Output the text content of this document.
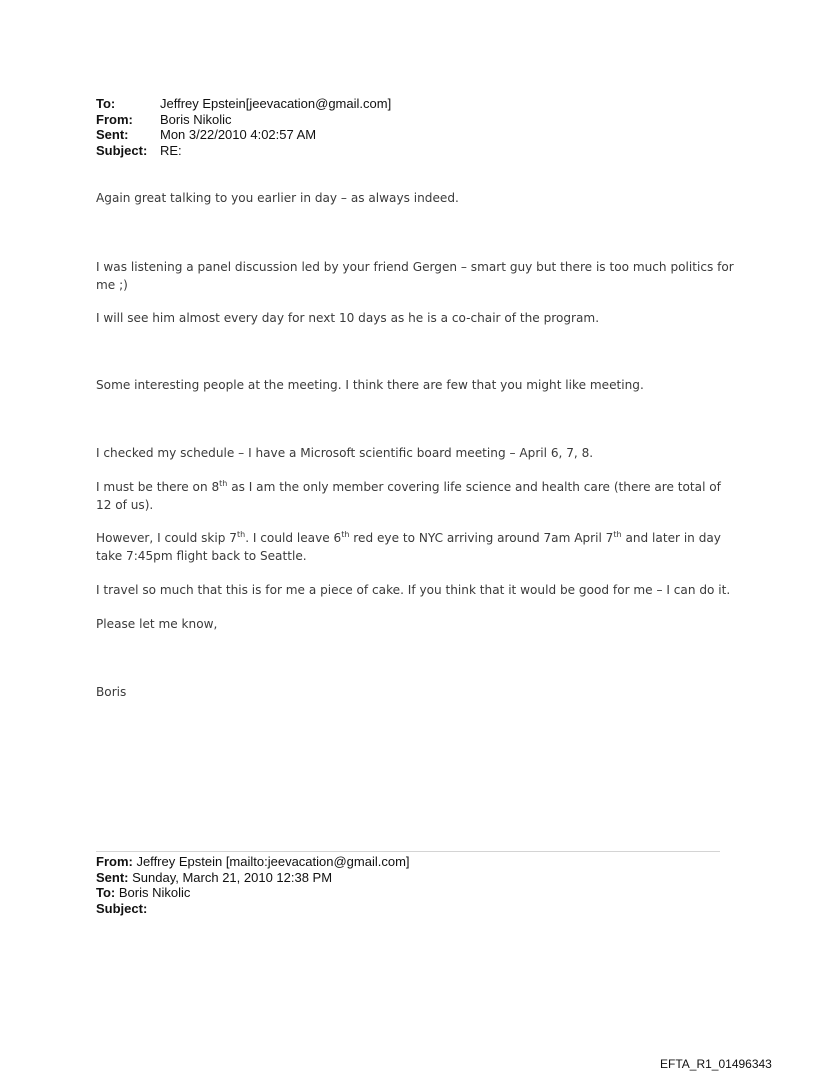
To:	Jeffrey Epstein[jeevacation@gmail.com]
From:	Boris Nikolic
Sent:	Mon 3/22/2010 4:02:57 AM
Subject: RE:
Again great talking to you earlier in day – as always indeed.
I was listening a panel discussion led by your friend Gergen – smart guy but there is too much politics for me ;)
I will see him almost every day for next 10 days as he is a co-chair of the program.
Some interesting people at the meeting. I think there are few that you might like meeting.
I checked my schedule – I have a Microsoft scientific board meeting – April 6, 7, 8.
I must be there on 8th as I am the only member covering life science and health care (there are total of 12 of us).
However, I could skip 7th. I could leave 6th red eye to NYC arriving around 7am April 7th and later in day take 7:45pm flight back to Seattle.
I travel so much that this is for me a piece of cake. If you think that it would be good for me – I can do it.
Please let me know,
Boris
From: Jeffrey Epstein [mailto:jeevacation@gmail.com]
Sent: Sunday, March 21, 2010 12:38 PM
To: Boris Nikolic
Subject:
EFTA_R1_01496343
